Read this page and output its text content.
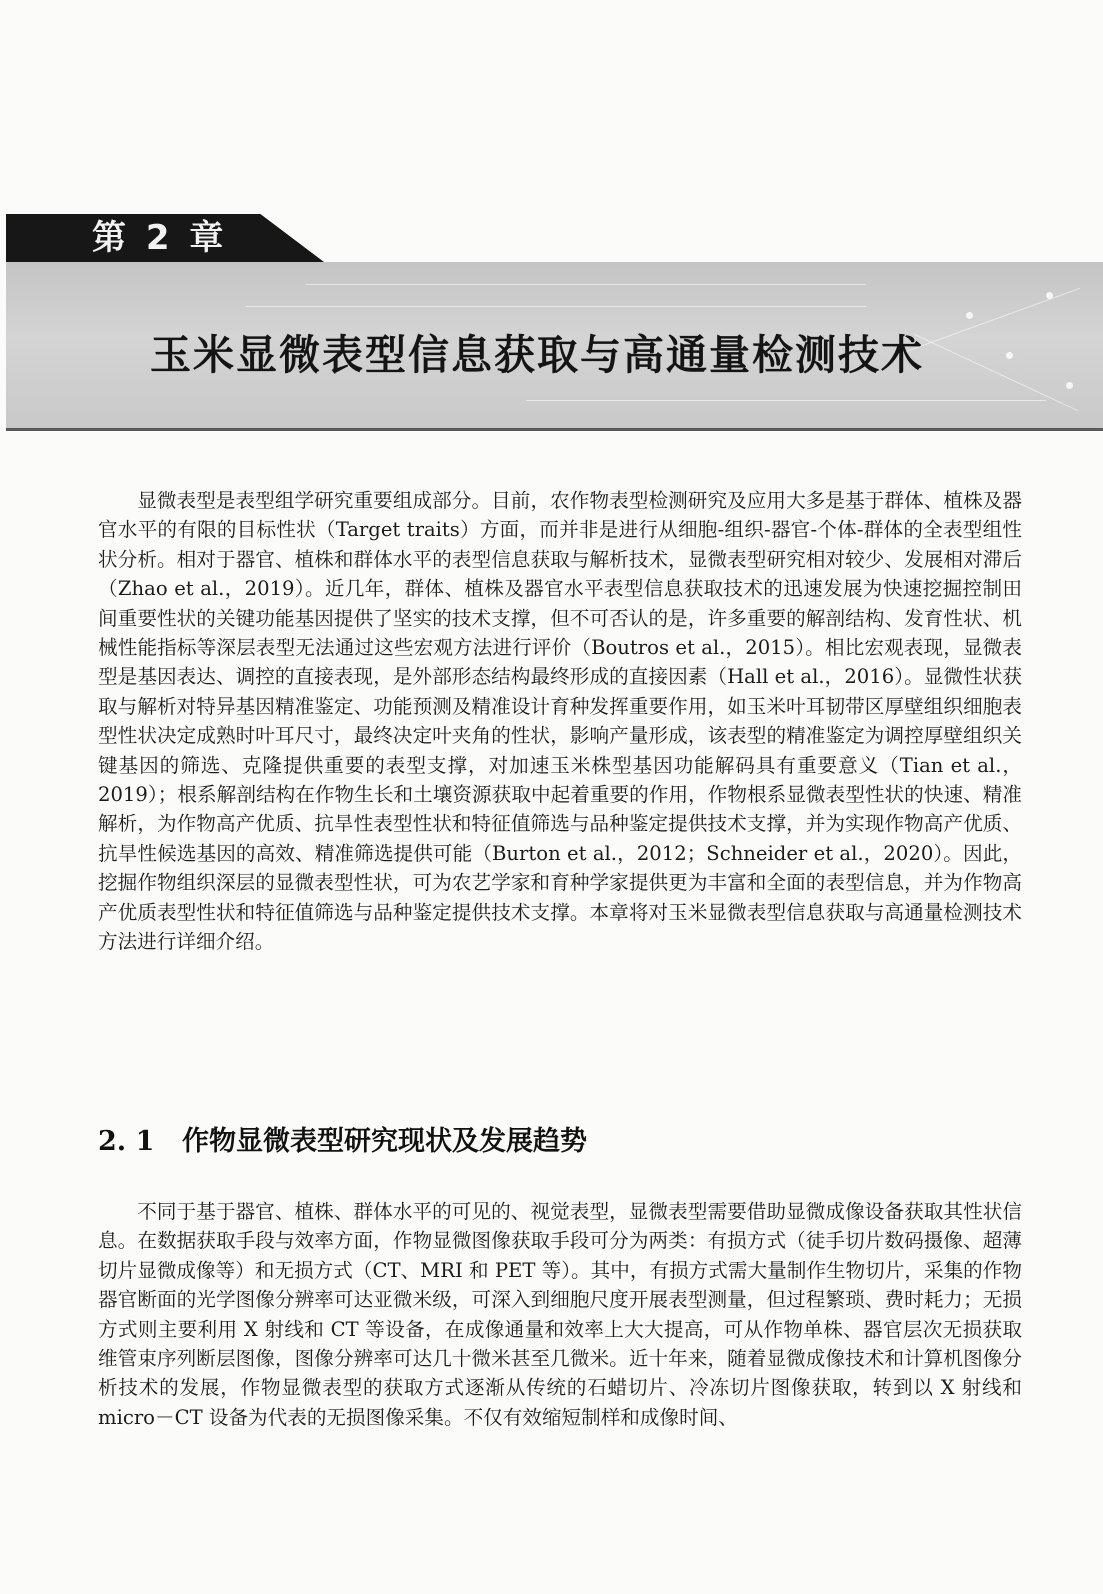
第 2 章
玉米显微表型信息获取与高通量检测技术

显微表型是表型组学研究重要组成部分。目前，农作物表型检测研究及应用大多是基于群体、植株及器官水平的有限的目标性状（Target traits）方面，而并非是进行从细胞-组织-器官-个体-群体的全表型组性状分析。相对于器官、植株和群体水平的表型信息获取与解析技术，显微表型研究相对较少、发展相对滞后（Zhao et al.，2019）。近几年，群体、植株及器官水平表型信息获取技术的迅速发展为快速挖掘控制田间重要性状的关键功能基因提供了坚实的技术支撑，但不可否认的是，许多重要的解剖结构、发育性状、机械性能指标等深层表型无法通过这些宏观方法进行评价（Boutros et al.，2015）。相比宏观表现，显微表型是基因表达、调控的直接表现，是外部形态结构最终形成的直接因素（Hall et al.，2016）。显微性状获取与解析对特异基因精准鉴定、功能预测及精准设计育种发挥重要作用，如玉米叶耳韧带区厚壁组织细胞表型性状决定成熟时叶耳尺寸，最终决定叶夹角的性状，影响产量形成，该表型的精准鉴定为调控厚壁组织关键基因的筛选、克隆提供重要的表型支撑，对加速玉米株型基因功能解码具有重要意义（Tian et al.，2019）；根系解剖结构在作物生长和土壤资源获取中起着重要的作用，作物根系显微表型性状的快速、精准解析，为作物高产优质、抗旱性表型性状和特征值筛选与品种鉴定提供技术支撑，并为实现作物高产优质、抗旱性候选基因的高效、精准筛选提供可能（Burton et al.，2012；Schneider et al.，2020）。因此，挖掘作物组织深层的显微表型性状，可为农艺学家和育种学家提供更为丰富和全面的表型信息，并为作物高产优质表型性状和特征值筛选与品种鉴定提供技术支撑。本章将对玉米显微表型信息获取与高通量检测技术方法进行详细介绍。

2. 1 作物显微表型研究现状及发展趋势

不同于基于器官、植株、群体水平的可见的、视觉表型，显微表型需要借助显微成像设备获取其性状信息。在数据获取手段与效率方面，作物显微图像获取手段可分为两类：有损方式（徒手切片数码摄像、超薄切片显微成像等）和无损方式（CT、MRI 和 PET 等）。其中，有损方式需大量制作生物切片，采集的作物器官断面的光学图像分辨率可达亚微米级，可深入到细胞尺度开展表型测量，但过程繁琐、费时耗力；无损方式则主要利用 X 射线和 CT 等设备，在成像通量和效率上大大提高，可从作物单株、器官层次无损获取维管束序列断层图像，图像分辨率可达几十微米甚至几微米。近十年来，随着显微成像技术和计算机图像分析技术的发展，作物显微表型的获取方式逐渐从传统的石蜡切片、冷冻切片图像获取，转到以 X 射线和 micro－CT 设备为代表的无损图像采集。不仅有效缩短制样和成像时间、
